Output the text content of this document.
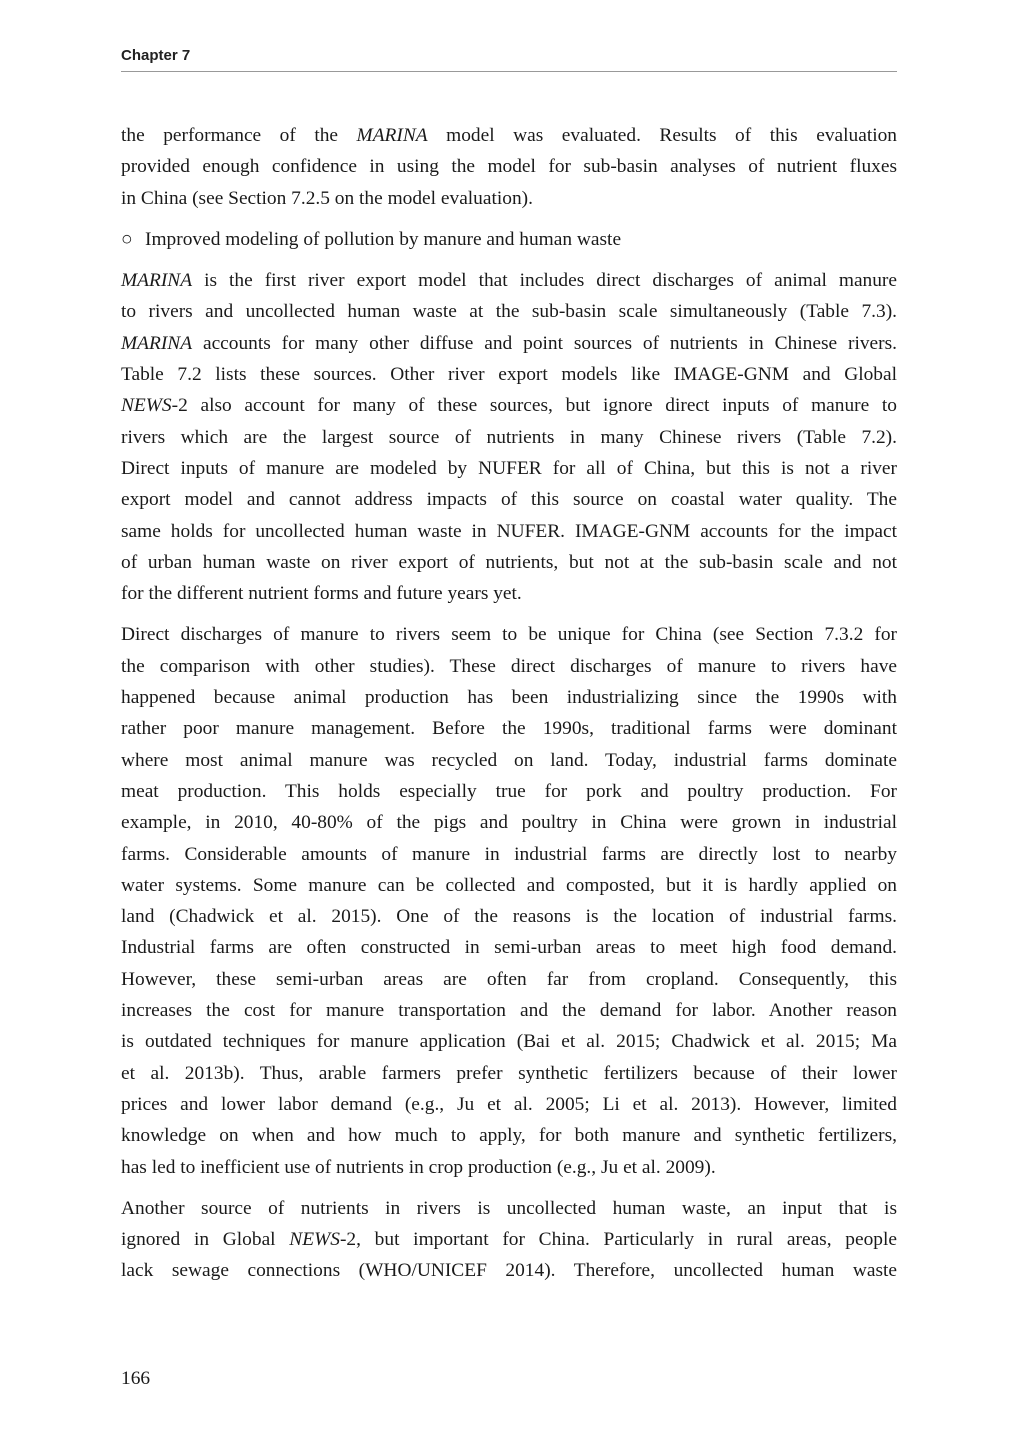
Chapter 7
the performance of the MARINA model was evaluated. Results of this evaluation
provided enough confidence in using the model for sub-basin analyses of nutrient fluxes
in China (see Section 7.2.5 on the model evaluation).
○ Improved modeling of pollution by manure and human waste
MARINA is the first river export model that includes direct discharges of animal manure
to rivers and uncollected human waste at the sub-basin scale simultaneously (Table 7.3).
MARINA accounts for many other diffuse and point sources of nutrients in Chinese rivers.
Table 7.2 lists these sources. Other river export models like IMAGE-GNM and Global
NEWS-2 also account for many of these sources, but ignore direct inputs of manure to
rivers which are the largest source of nutrients in many Chinese rivers (Table 7.2).
Direct inputs of manure are modeled by NUFER for all of China, but this is not a river
export model and cannot address impacts of this source on coastal water quality. The
same holds for uncollected human waste in NUFER. IMAGE-GNM accounts for the impact
of urban human waste on river export of nutrients, but not at the sub-basin scale and not
for the different nutrient forms and future years yet.
Direct discharges of manure to rivers seem to be unique for China (see Section 7.3.2 for
the comparison with other studies). These direct discharges of manure to rivers have
happened because animal production has been industrializing since the 1990s with
rather poor manure management. Before the 1990s, traditional farms were dominant
where most animal manure was recycled on land. Today, industrial farms dominate
meat production. This holds especially true for pork and poultry production. For
example, in 2010, 40-80% of the pigs and poultry in China were grown in industrial
farms. Considerable amounts of manure in industrial farms are directly lost to nearby
water systems. Some manure can be collected and composted, but it is hardly applied on
land (Chadwick et al. 2015). One of the reasons is the location of industrial farms.
Industrial farms are often constructed in semi-urban areas to meet high food demand.
However, these semi-urban areas are often far from cropland. Consequently, this
increases the cost for manure transportation and the demand for labor. Another reason
is outdated techniques for manure application (Bai et al. 2015; Chadwick et al. 2015; Ma
et al. 2013b). Thus, arable farmers prefer synthetic fertilizers because of their lower
prices and lower labor demand (e.g., Ju et al. 2005; Li et al. 2013). However, limited
knowledge on when and how much to apply, for both manure and synthetic fertilizers,
has led to inefficient use of nutrients in crop production (e.g., Ju et al. 2009).
Another source of nutrients in rivers is uncollected human waste, an input that is
ignored in Global NEWS-2, but important for China. Particularly in rural areas, people
lack sewage connections (WHO/UNICEF 2014). Therefore, uncollected human waste
166
